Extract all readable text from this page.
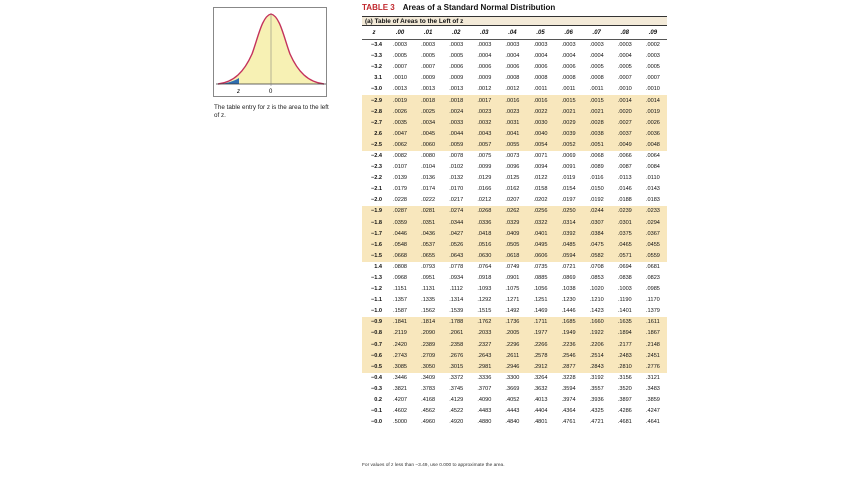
z	0
The table entry for z is the area to the left of z.
TABLE 3 Areas of a Standard Normal Distribution
(a) Table of Areas to the Left of z
z	.00	.01	.02	.03	.04	.05	.06	.07	.08	.09
−3.4	.0003	.0003	.0003	.0003	.0003	.0003	.0003	.0003	.0003	.0002
−3.3	.0005	.0005	.0005	.0004	.0004	.0004	.0004	.0004	.0004	.0003
−3.2	.0007	.0007	.0006	.0006	.0006	.0006	.0006	.0005	.0005	.0005
3.1	.0010	.0009	.0009	.0009	.0008	.0008	.0008	.0008	.0007	.0007
−3.0	.0013	.0013	.0013	.0012	.0012	.0011	.0011	.0011	.0010	.0010
−2.9	.0019	.0018	.0018	.0017	.0016	.0016	.0015	.0015	.0014	.0014
−2.8	.0026	.0025	.0024	.0023	.0023	.0022	.0021	.0021	.0020	.0019
−2.7	.0035	.0034	.0033	.0032	.0031	.0030	.0029	.0028	.0027	.0026
2.6	.0047	.0045	.0044	.0043	.0041	.0040	.0039	.0038	.0037	.0036
−2.5	.0062	.0060	.0059	.0057	.0055	.0054	.0052	.0051	.0049	.0048
−2.4	.0082	.0080	.0078	.0075	.0073	.0071	.0069	.0068	.0066	.0064
−2.3	.0107	.0104	.0102	.0099	.0096	.0094	.0091	.0089	.0087	.0084
−2.2	.0139	.0136	.0132	.0129	.0125	.0122	.0119	.0116	.0113	.0110
−2.1	.0179	.0174	.0170	.0166	.0162	.0158	.0154	.0150	.0146	.0143
−2.0	.0228	.0222	.0217	.0212	.0207	.0202	.0197	.0192	.0188	.0183
−1.9	.0287	.0281	.0274	.0268	.0262	.0256	.0250	.0244	.0239	.0233
−1.8	.0359	.0351	.0344	.0336	.0329	.0322	.0314	.0307	.0301	.0294
−1.7	.0446	.0436	.0427	.0418	.0409	.0401	.0392	.0384	.0375	.0367
−1.6	.0548	.0537	.0526	.0516	.0505	.0495	.0485	.0475	.0465	.0455
−1.5	.0668	.0655	.0643	.0630	.0618	.0606	.0594	.0582	.0571	.0559
1.4	.0808	.0793	.0778	.0764	.0749	.0735	.0721	.0708	.0694	.0681
−1.3	.0968	.0951	.0934	.0918	.0901	.0885	.0869	.0853	.0838	.0823
−1.2	.1151	.1131	.1112	.1093	.1075	.1056	.1038	.1020	.1003	.0985
−1.1	.1357	.1335	.1314	.1292	.1271	.1251	.1230	.1210	.1190	.1170
−1.0	.1587	.1562	.1539	.1515	.1492	.1469	.1446	.1423	.1401	.1379
−0.9	.1841	.1814	.1788	.1762	.1736	.1711	.1685	.1660	.1635	.1611
−0.8	.2119	.2090	.2061	.2033	.2005	.1977	.1949	.1922	.1894	.1867
−0.7	.2420	.2389	.2358	.2327	.2296	.2266	.2236	.2206	.2177	.2148
−0.6	.2743	.2709	.2676	.2643	.2611	.2578	.2546	.2514	.2483	.2451
−0.5	.3085	.3050	.3015	.2981	.2946	.2912	.2877	.2843	.2810	.2776
−0.4	.3446	.3409	.3372	.3336	.3300	.3264	.3228	.3192	.3156	.3121
−0.3	.3821	.3783	.3745	.3707	.3669	.3632	.3594	.3557	.3520	.3483
0.2	.4207	.4168	.4129	.4090	.4052	.4013	.3974	.3936	.3897	.3859
−0.1	.4602	.4562	.4522	.4483	.4443	.4404	.4364	.4325	.4286	.4247
−0.0	.5000	.4960	.4920	.4880	.4840	.4801	.4761	.4721	.4681	.4641
For values of z less than −3.49, use 0.000 to approximate the area.
